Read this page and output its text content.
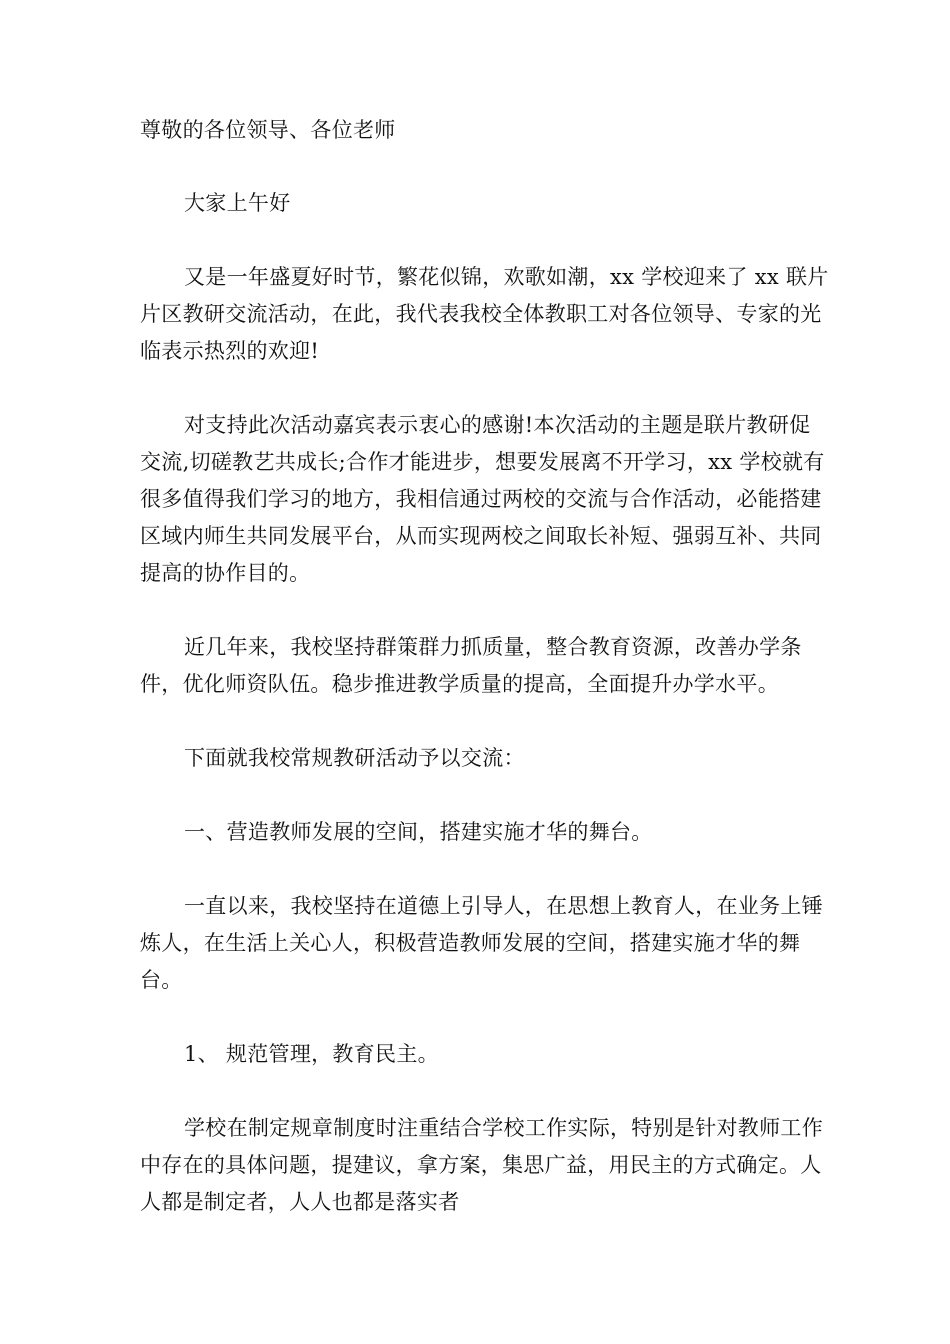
尊敬的各位领导、各位老师

大家上午好

又是一年盛夏好时节，繁花似锦，欢歌如潮，xx 学校迎来了 xx 联片片区教研交流活动，在此，我代表我校全体教职工对各位领导、专家的光临表示热烈的欢迎!

对支持此次活动嘉宾表示衷心的感谢!本次活动的主题是联片教研促交流,切磋教艺共成长;合作才能进步，想要发展离不开学习，xx 学校就有很多值得我们学习的地方，我相信通过两校的交流与合作活动，必能搭建区域内师生共同发展平台，从而实现两校之间取长补短、强弱互补、共同提高的协作目的。

近几年来，我校坚持群策群力抓质量，整合教育资源，改善办学条件，优化师资队伍。稳步推进教学质量的提高，全面提升办学水平。

下面就我校常规教研活动予以交流：

一、营造教师发展的空间，搭建实施才华的舞台。

一直以来，我校坚持在道德上引导人，在思想上教育人，在业务上锤炼人，在生活上关心人，积极营造教师发展的空间，搭建实施才华的舞台。

1、 规范管理，教育民主。

学校在制定规章制度时注重结合学校工作实际，特别是针对教师工作中存在的具体问题，提建议，拿方案，集思广益，用民主的方式确定。人人都是制定者，人人也都是落实者
